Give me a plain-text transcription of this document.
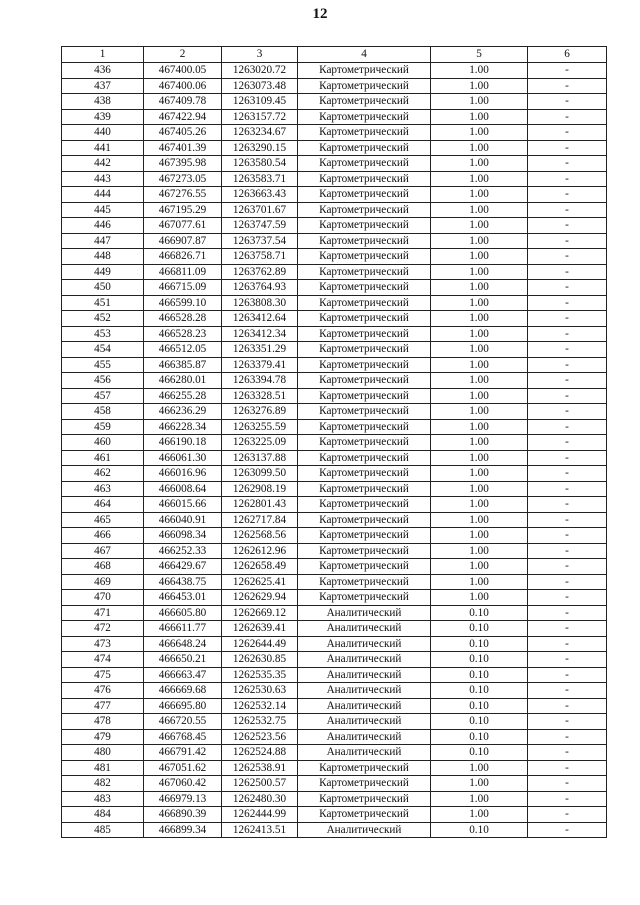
12
1	2	3	4	5	6
436	467400.05	1263020.72	Картометрический	1.00	-
437	467400.06	1263073.48	Картометрический	1.00	-
438	467409.78	1263109.45	Картометрический	1.00	-
439	467422.94	1263157.72	Картометрический	1.00	-
440	467405.26	1263234.67	Картометрический	1.00	-
441	467401.39	1263290.15	Картометрический	1.00	-
442	467395.98	1263580.54	Картометрический	1.00	-
443	467273.05	1263583.71	Картометрический	1.00	-
444	467276.55	1263663.43	Картометрический	1.00	-
445	467195.29	1263701.67	Картометрический	1.00	-
446	467077.61	1263747.59	Картометрический	1.00	-
447	466907.87	1263737.54	Картометрический	1.00	-
448	466826.71	1263758.71	Картометрический	1.00	-
449	466811.09	1263762.89	Картометрический	1.00	-
450	466715.09	1263764.93	Картометрический	1.00	-
451	466599.10	1263808.30	Картометрический	1.00	-
452	466528.28	1263412.64	Картометрический	1.00	-
453	466528.23	1263412.34	Картометрический	1.00	-
454	466512.05	1263351.29	Картометрический	1.00	-
455	466385.87	1263379.41	Картометрический	1.00	-
456	466280.01	1263394.78	Картометрический	1.00	-
457	466255.28	1263328.51	Картометрический	1.00	-
458	466236.29	1263276.89	Картометрический	1.00	-
459	466228.34	1263255.59	Картометрический	1.00	-
460	466190.18	1263225.09	Картометрический	1.00	-
461	466061.30	1263137.88	Картометрический	1.00	-
462	466016.96	1263099.50	Картометрический	1.00	-
463	466008.64	1262908.19	Картометрический	1.00	-
464	466015.66	1262801.43	Картометрический	1.00	-
465	466040.91	1262717.84	Картометрический	1.00	-
466	466098.34	1262568.56	Картометрический	1.00	-
467	466252.33	1262612.96	Картометрический	1.00	-
468	466429.67	1262658.49	Картометрический	1.00	-
469	466438.75	1262625.41	Картометрический	1.00	-
470	466453.01	1262629.94	Картометрический	1.00	-
471	466605.80	1262669.12	Аналитический	0.10	-
472	466611.77	1262639.41	Аналитический	0.10	-
473	466648.24	1262644.49	Аналитический	0.10	-
474	466650.21	1262630.85	Аналитический	0.10	-
475	466663.47	1262535.35	Аналитический	0.10	-
476	466669.68	1262530.63	Аналитический	0.10	-
477	466695.80	1262532.14	Аналитический	0.10	-
478	466720.55	1262532.75	Аналитический	0.10	-
479	466768.45	1262523.56	Аналитический	0.10	-
480	466791.42	1262524.88	Аналитический	0.10	-
481	467051.62	1262538.91	Картометрический	1.00	-
482	467060.42	1262500.57	Картометрический	1.00	-
483	466979.13	1262480.30	Картометрический	1.00	-
484	466890.39	1262444.99	Картометрический	1.00	-
485	466899.34	1262413.51	Аналитический	0.10	-
